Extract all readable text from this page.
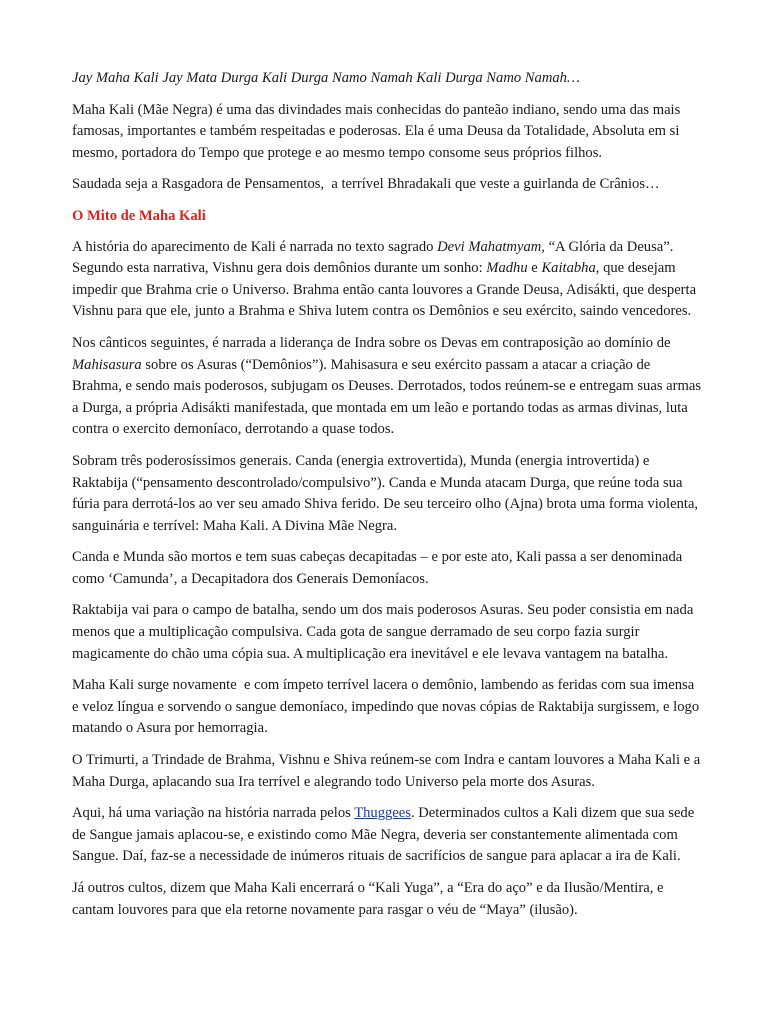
Jay Maha Kali Jay Mata Durga Kali Durga Namo Namah Kali Durga Namo Namah…

Maha Kali (Mãe Negra) é uma das divindades mais conhecidas do panteão indiano, sendo uma das mais famosas, importantes e também respeitadas e poderosas. Ela é uma Deusa da Totalidade, Absoluta em si mesmo, portadora do Tempo que protege e ao mesmo tempo consome seus próprios filhos.

Saudada seja a Rasgadora de Pensamentos,  a terrível Bhradakali que veste a guirlanda de Crânios…

O Mito de Maha Kali

A história do aparecimento de Kali é narrada no texto sagrado Devi Mahatmyam, “A Glória da Deusa”. Segundo esta narrativa, Vishnu gera dois demônios durante um sonho: Madhu e Kaitabha, que desejam impedir que Brahma crie o Universo. Brahma então canta louvores a Grande Deusa, Adisákti, que desperta Vishnu para que ele, junto a Brahma e Shiva lutem contra os Demônios e seu exército, saindo vencedores.

Nos cânticos seguintes, é narrada a liderança de Indra sobre os Devas em contraposição ao domínio de Mahisasura sobre os Asuras (“Demônios”). Mahisasura e seu exército passam a atacar a criação de Brahma, e sendo mais poderosos, subjugam os Deuses. Derrotados, todos reúnem-se e entregam suas armas a Durga, a própria Adisákti manifestada, que montada em um leão e portando todas as armas divinas, luta contra o exercito demoníaco, derrotando a quase todos.

Sobram três poderosíssimos generais. Canda (energia extrovertida), Munda (energia introvertida) e Raktabija (“pensamento descontrolado/compulsivo”). Canda e Munda atacam Durga, que reúne toda sua fúria para derrotá-los ao ver seu amado Shiva ferido. De seu terceiro olho (Ajna) brota uma forma violenta, sanguinária e terrível: Maha Kali. A Divina Mãe Negra.

Canda e Munda são mortos e tem suas cabeças decapitadas – e por este ato, Kali passa a ser denominada como ‘Camunda’, a Decapitadora dos Generais Demoníacos.

Raktabija vai para o campo de batalha, sendo um dos mais poderosos Asuras. Seu poder consistia em nada menos que a multiplicação compulsiva. Cada gota de sangue derramado de seu corpo fazia surgir magicamente do chão uma cópia sua. A multiplicação era inevitável e ele levava vantagem na batalha.

Maha Kali surge novamente  e com ímpeto terrível lacera o demônio, lambendo as feridas com sua imensa e veloz língua e sorvendo o sangue demoníaco, impedindo que novas cópias de Raktabija surgissem, e logo matando o Asura por hemorragia.

O Trimurti, a Trindade de Brahma, Vishnu e Shiva reúnem-se com Indra e cantam louvores a Maha Kali e a Maha Durga, aplacando sua Ira terrível e alegrando todo Universo pela morte dos Asuras.

Aqui, há uma variação na história narrada pelos Thuggees. Determinados cultos a Kali dizem que sua sede de Sangue jamais aplacou-se, e existindo como Mãe Negra, deveria ser constantemente alimentada com Sangue. Daí, faz-se a necessidade de inúmeros rituais de sacrifícios de sangue para aplacar a ira de Kali.

Já outros cultos, dizem que Maha Kali encerrará o “Kali Yuga”, a “Era do aço” e da Ilusão/Mentira, e cantam louvores para que ela retorne novamente para rasgar o véu de “Maya” (ilusão).
